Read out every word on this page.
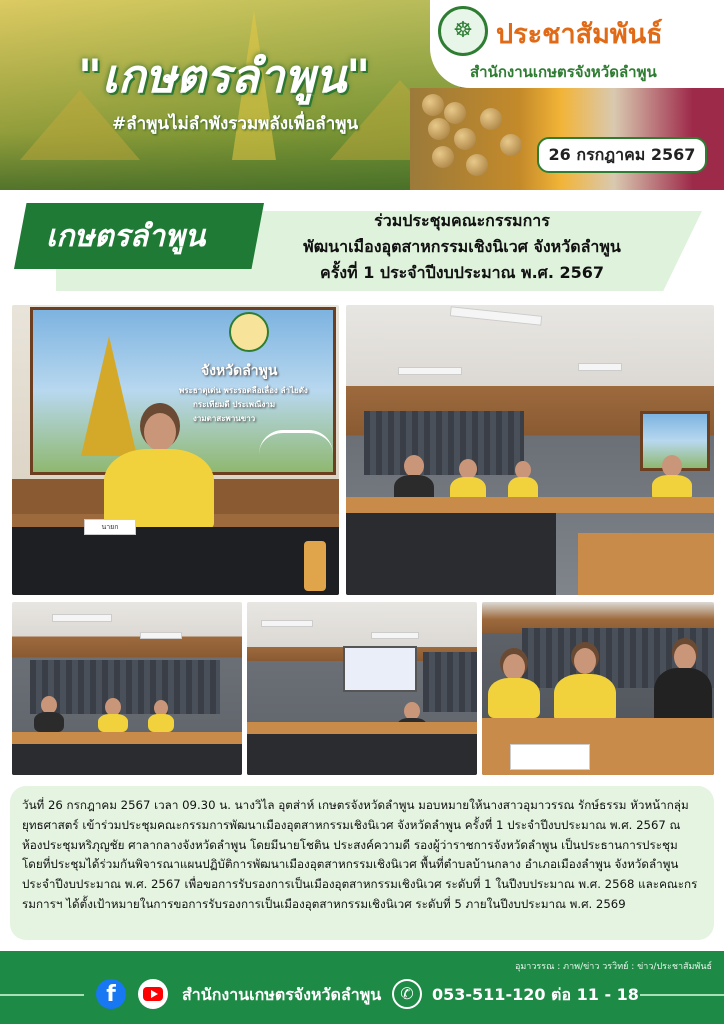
"เกษตรลำพูน"
#ลำพูนไม่ลำพังรวมพลังเพื่อลำพูน
☸ ประชาสัมพันธ์
สำนักงานเกษตรจังหวัดลำพูน
26 กรกฎาคม 2567
เกษตรลำพูน	ร่วมประชุมคณะกรรมการ
พัฒนาเมืองอุตสาหกรรมเชิงนิเวศ จังหวัดลำพูน
ครั้งที่ 1 ประจำปีงบประมาณ พ.ศ. 2567
จังหวัดลำพูน
พระธาตุเด่น พระรอดลือเลื่อง ลำไยดัง
กระเทียมดี ประเพณีงาม
งามตาสะพานขาว
นายก

วันที่ 26 กรกฎาคม 2567 เวลา 09.30 น. นางวิไล อุตส่าห์ เกษตรจังหวัดลำพูน มอบหมายให้นางสาวอุมาวรรณ รักษ์ธรรม หัวหน้ากลุ่มยุทธศาสตร์ เข้าร่วมประชุมคณะกรรมการพัฒนาเมืองอุตสาหกรรมเชิงนิเวศ จังหวัดลำพูน ครั้งที่ 1 ประจำปีงบประมาณ พ.ศ. 2567 ณ ห้องประชุมหริภุญชัย ศาลากลางจังหวัดลำพูน โดยมีนายโชติน ประสงค์ความดี รองผู้ว่าราชการจังหวัดลำพูน เป็นประธานการประชุม โดยที่ประชุมได้ร่วมกันพิจารณาแผนปฏิบัติการพัฒนาเมืองอุตสาหกรรมเชิงนิเวศ พื้นที่ตำบลบ้านกลาง อำเภอเมืองลำพูน จังหวัดลำพูน ประจำปีงบประมาณ พ.ศ. 2567 เพื่อขอการรับรองการเป็นเมืองอุตสาหกรรมเชิงนิเวศ ระดับที่ 1 ในปีงบประมาณ พ.ศ. 2568 และคณะกรรมการฯ ได้ตั้งเป้าหมายในการขอการรับรองการเป็นเมืองอุตสาหกรรมเชิงนิเวศ ระดับที่ 5 ภายในปีงบประมาณ พ.ศ. 2569

อุมาวรรณ : ภาพ/ข่าว วรวิทย์ : ข่าว/ประชาสัมพันธ์
f	สำนักงานเกษตรจังหวัดลำพูน	✆	053-511-120 ต่อ 11 - 18
